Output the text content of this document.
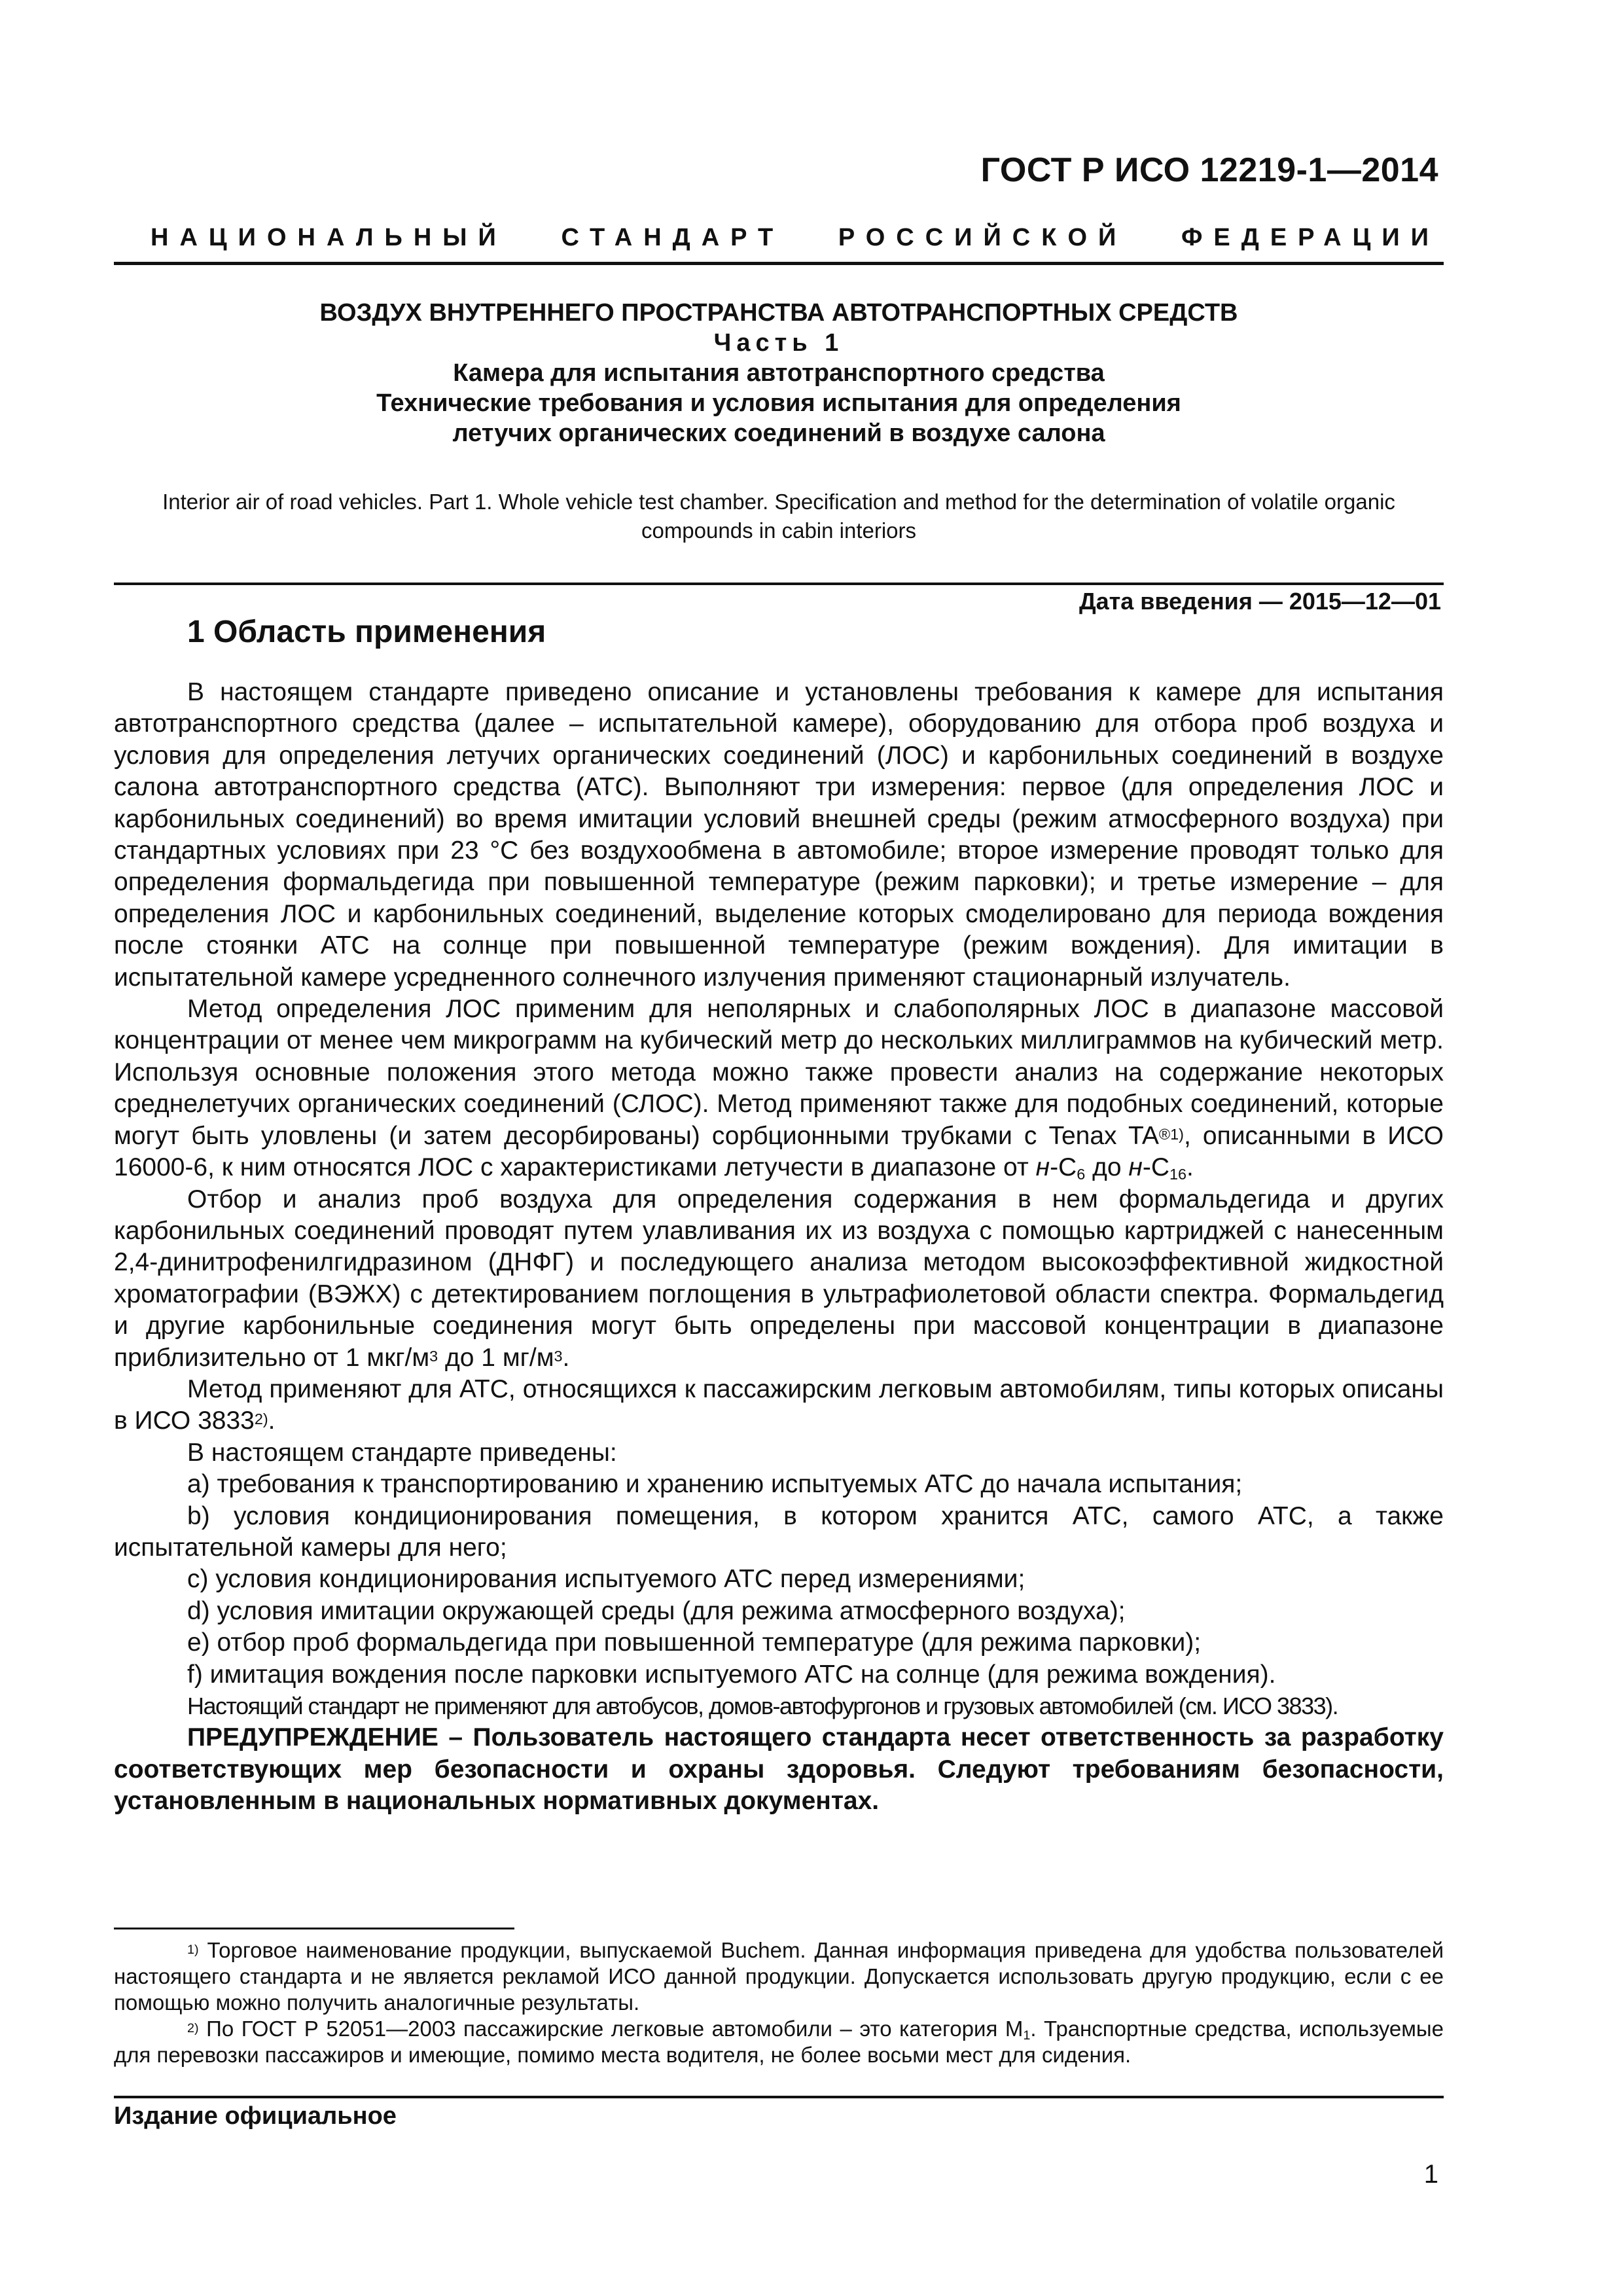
ГОСТ Р ИСО 12219-1—2014
НАЦИОНАЛЬНЫЙ СТАНДАРТ РОССИЙСКОЙ ФЕДЕРАЦИИ
ВОЗДУХ ВНУТРЕННЕГО ПРОСТРАНСТВА АВТОТРАНСПОРТНЫХ СРЕДСТВ
Часть 1
Камера для испытания автотранспортного средства
Технические требования и условия испытания для определения
летучих органических соединений в воздухе салона
Interior air of road vehicles. Part 1. Whole vehicle test chamber. Specification and method for the determination of volatile organic compounds in cabin interiors
Дата введения — 2015—12—01
1 Область применения

В настоящем стандарте приведено описание и установлены требования к камере для испытания автотранспортного средства (далее – испытательной камере), оборудованию для отбора проб воздуха и условия для определения летучих органических соединений (ЛОС) и карбонильных соединений в воздухе салона автотранспортного средства (АТС). Выполняют три измерения: первое (для определения ЛОС и карбонильных соединений) во время имитации условий внешней среды (режим атмосферного воздуха) при стандартных условиях при 23 °C без воздухообмена в автомобиле; второе измерение проводят только для определения формальдегида при повышенной температуре (режим парковки); и третье измерение – для определения ЛОС и карбонильных соединений, выделение которых смоделировано для периода вождения после стоянки АТС на солнце при повышенной температуре (режим вождения). Для имитации в испытательной камере усредненного солнечного излучения применяют стационарный излучатель.

Метод определения ЛОС применим для неполярных и слабополярных ЛОС в диапазоне массовой концентрации от менее чем микрограмм на кубический метр до нескольких миллиграммов на кубический метр. Используя основные положения этого метода можно также провести анализ на содержание некоторых среднелетучих органических соединений (СЛОС). Метод применяют также для подобных соединений, которые могут быть уловлены (и затем десорбированы) сорбционными трубками с Tenax $TA^{®1)}$, описанными в ИСО 16000-6, к ним относятся ЛОС с характеристиками летучести в диапазоне от $н-C_6$ до $н-C_{16}$.

Отбор и анализ проб воздуха для определения содержания в нем формальдегида и других карбонильных соединений проводят путем улавливания их из воздуха с помощью картриджей с нанесенным 2,4-динитрофенилгидразином (ДНФГ) и последующего анализа методом высокоэффективной жидкостной хроматографии (ВЭЖХ) с детектированием поглощения в ультрафиолетовой области спектра. Формальдегид и другие карбонильные соединения могут быть определены при массовой концентрации в диапазоне приблизительно от 1 мкг/$м^3$ до 1 $мг/м^3$.

Метод применяют для АТС, относящихся к пассажирским легковым автомобилям, типы которых описаны в ИСО 3833$^{2)}$.

В настоящем стандарте приведены:

а) требования к транспортированию и хранению испытуемых АТС до начала испытания;

b) условия кондиционирования помещения, в котором хранится АТС, самого АТС, а также испытательной камеры для него;

c) условия кондиционирования испытуемого АТС перед измерениями;

d) условия имитации окружающей среды (для режима атмосферного воздуха);

e) отбор проб формальдегида при повышенной температуре (для режима парковки);

f) имитация вождения после парковки испытуемого АТС на солнце (для режима вождения).

Настоящий стандарт не применяют для автобусов, домов-автофургонов и грузовых автомобилей (см. ИСО 3833).

ПРЕДУПРЕЖДЕНИЕ – Пользователь настоящего стандарта несет ответственность за разработку соответствующих мер безопасности и охраны здоровья. Следуют требованиям безопасности, установленным в национальных нормативных документах.

$^{1)}$ Торговое наименование продукции, выпускаемой Buchem. Данная информация приведена для удобства пользователей настоящего стандарта и не является рекламой ИСО данной продукции. Допускается использовать другую продукцию, если с ее помощью можно получить аналогичные результаты.

$^{2)}$ По ГОСТ Р 52051—2003 пассажирские легковые автомобили – это категория $M_1$. Транспортные средства, используемые для перевозки пассажиров и имеющие, помимо места водителя, не более восьми мест для сидения.

Издание официальное
1
